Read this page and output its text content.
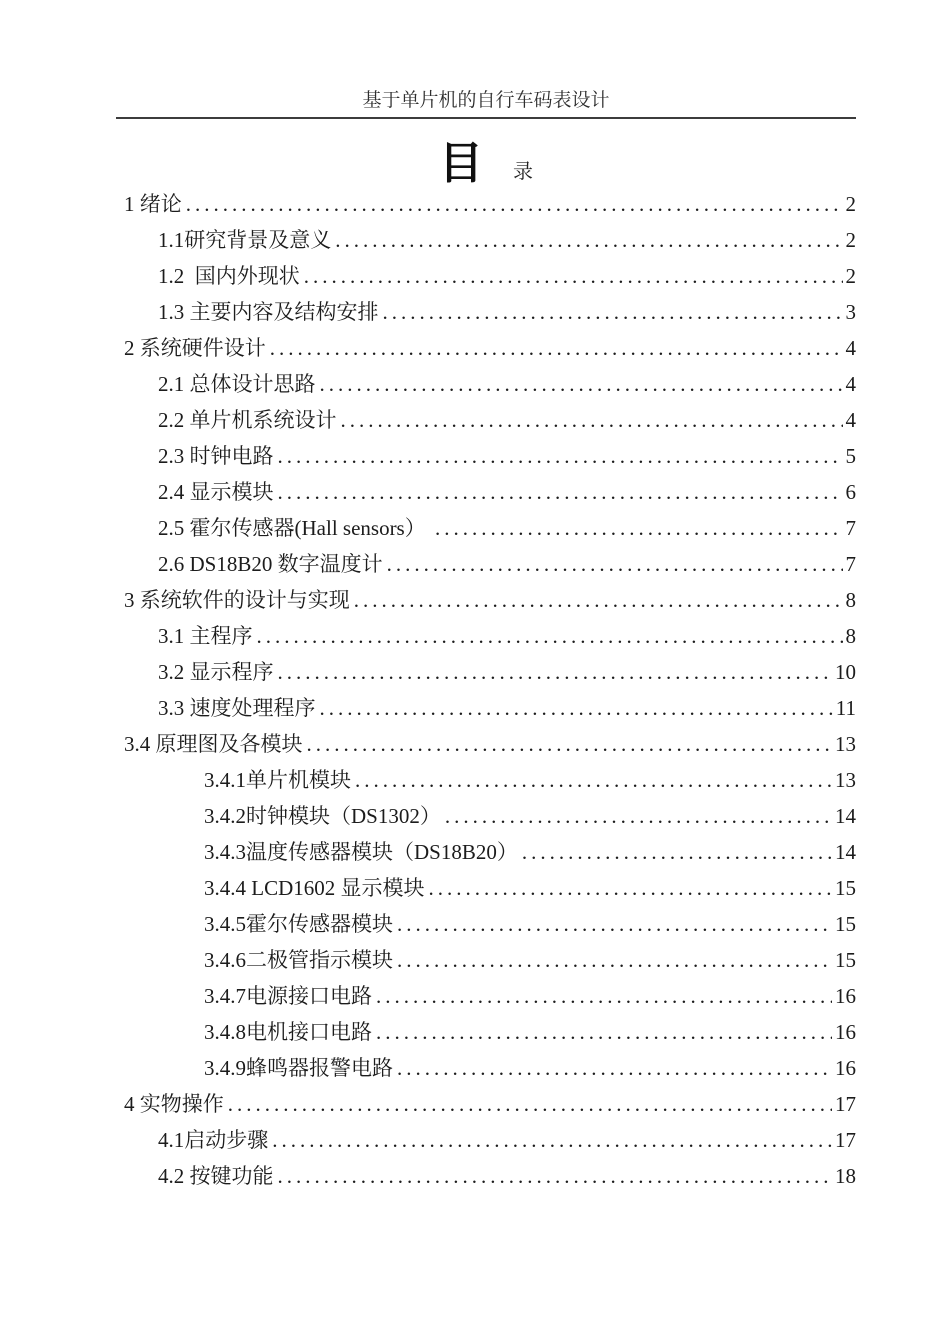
基于单片机的自行车码表设计
目 录
1 绪论 .....	2
1.1研究背景及意义 .....	2
1.2  国内外现状 .....	2
1.3 主要内容及结构安排 .....	3
2 系统硬件设计 .....	4
2.1 总体设计思路 .....	4
2.2 单片机系统设计 .....	4
2.3 时钟电路 .....	5
2.4 显示模块 .....	6
2.5 霍尔传感器(Hall sensors） .....	7
2.6 DS18B20 数字温度计 .....	7
3 系统软件的设计与实现 .....	8
3.1 主程序 .....	8
3.2 显示程序 .....	10
3.3 速度处理程序 .....	11
3.4 原理图及各模块 .....	13
3.4.1单片机模块 .....	13
3.4.2时钟模块（DS1302） .....	14
3.4.3温度传感器模块（DS18B20） .....	14
3.4.4 LCD1602 显示模块 .....	15
3.4.5霍尔传感器模块 .....	15
3.4.6二极管指示模块 .....	15
3.4.7电源接口电路 .....	16
3.4.8电机接口电路 .....	16
3.4.9蜂鸣器报警电路 .....	16
4 实物操作 .....	17
4.1启动步骤 .....	17
4.2 按键功能 .....	18
